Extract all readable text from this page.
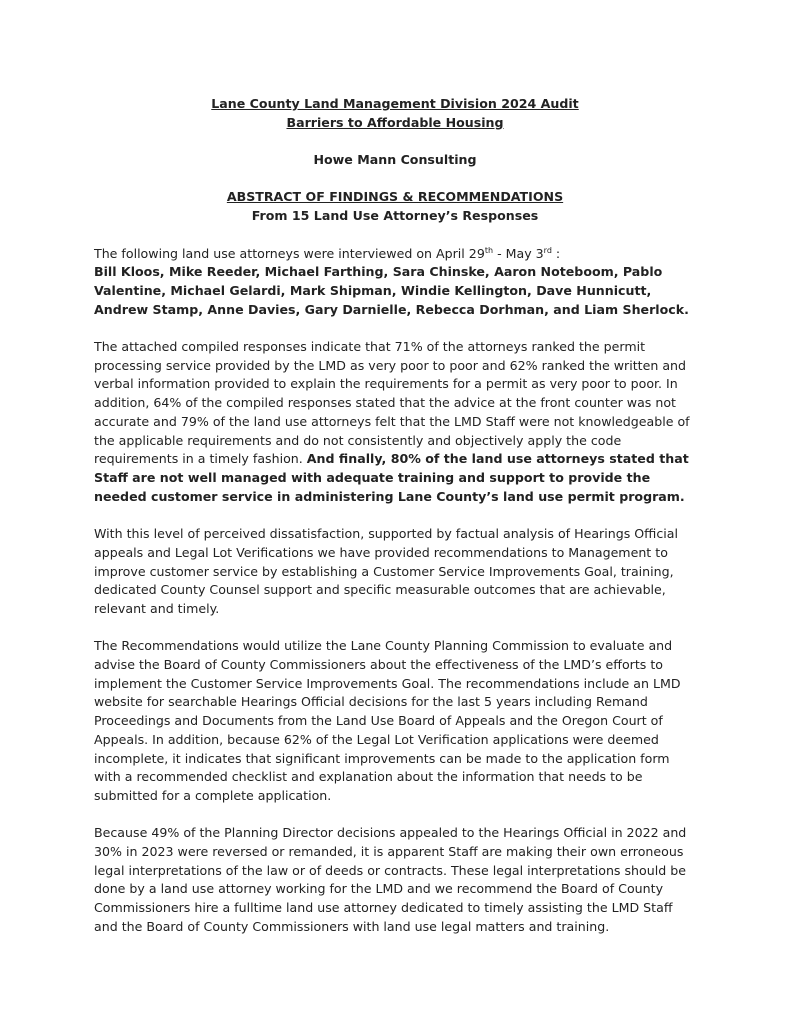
Lane County Land Management Division 2024 Audit

Barriers to Affordable Housing

Howe Mann Consulting

ABSTRACT OF FINDINGS & RECOMMENDATIONS

From 15 Land Use Attorney’s Responses

The following land use attorneys were interviewed on April 29th - May 3rd :
Bill Kloos, Mike Reeder, Michael Farthing, Sara Chinske, Aaron Noteboom, Pablo Valentine, Michael Gelardi, Mark Shipman, Windie Kellington, Dave Hunnicutt, Andrew Stamp, Anne Davies, Gary Darnielle, Rebecca Dorhman, and Liam Sherlock.

The attached compiled responses indicate that 71% of the attorneys ranked the permit processing service provided by the LMD as very poor to poor and 62% ranked the written and verbal information provided to explain the requirements for a permit as very poor to poor. In addition, 64% of the compiled responses stated that the advice at the front counter was not accurate and 79% of the land use attorneys felt that the LMD Staff were not knowledgeable of the applicable requirements and do not consistently and objectively apply the code requirements in a timely fashion. And finally, 80% of the land use attorneys stated that Staff are not well managed with adequate training and support to provide the needed customer service in administering Lane County’s land use permit program.

With this level of perceived dissatisfaction, supported by factual analysis of Hearings Official appeals and Legal Lot Verifications we have provided recommendations to Management to improve customer service by establishing a Customer Service Improvements Goal, training, dedicated County Counsel support and specific measurable outcomes that are achievable, relevant and timely.

The Recommendations would utilize the Lane County Planning Commission to evaluate and advise the Board of County Commissioners about the effectiveness of the LMD’s efforts to implement the Customer Service Improvements Goal. The recommendations include an LMD website for searchable Hearings Official decisions for the last 5 years including Remand Proceedings and Documents from the Land Use Board of Appeals and the Oregon Court of Appeals. In addition, because 62% of the Legal Lot Verification applications were deemed incomplete, it indicates that significant improvements can be made to the application form with a recommended checklist and explanation about the information that needs to be submitted for a complete application.

Because 49% of the Planning Director decisions appealed to the Hearings Official in 2022 and 30% in 2023 were reversed or remanded, it is apparent Staff are making their own erroneous legal interpretations of the law or of deeds or contracts. These legal interpretations should be done by a land use attorney working for the LMD and we recommend the Board of County Commissioners hire a fulltime land use attorney dedicated to timely assisting the LMD Staff and the Board of County Commissioners with land use legal matters and training.
